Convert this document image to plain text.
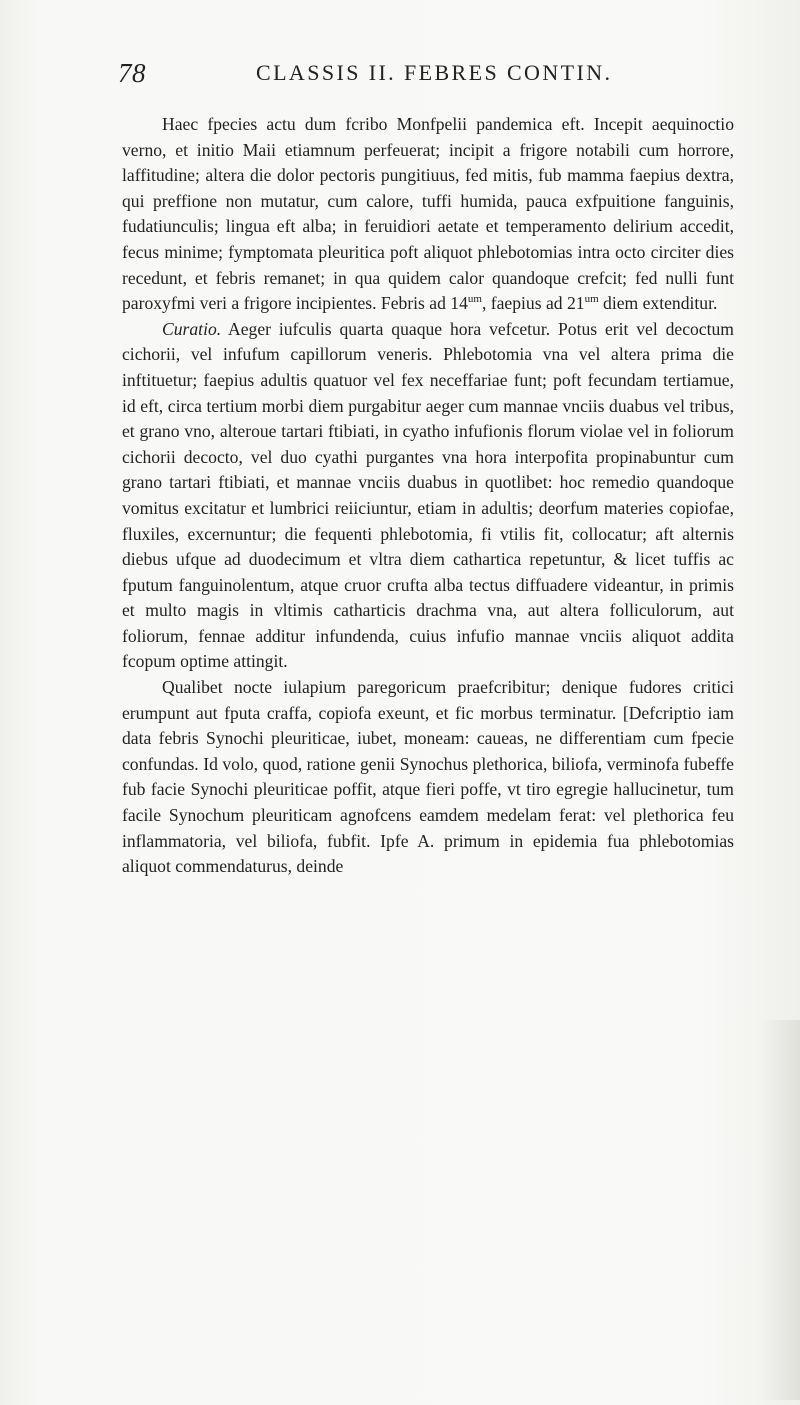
78	CLASSIS II. FEBRES CONTIN.

Haec fpecies actu dum fcribo Monfpelii pandemica eft. Incepit aequinoctio verno, et initio Maii etiamnum perfeuerat; incipit a frigore notabili cum horrore, laffitudine; altera die dolor pectoris pungitiuus, fed mitis, fub mamma faepius dextra, qui preffione non mutatur, cum calore, tuffi humida, pauca exfpuitione fanguinis, fudatiunculis; lingua eft alba; in feruidiori aetate et temperamento delirium accedit, fecus minime; fymptomata pleuritica poft aliquot phlebotomias intra octo circiter dies recedunt, et febris remanet; in qua quidem calor quandoque crefcit; fed nulli funt paroxyfmi veri a frigore incipientes. Febris ad $14^{um}$, faepius ad $21^{um}$ diem extenditur.

Curatio. Aeger iufculis quarta quaque hora vefcetur. Potus erit vel decoctum cichorii, vel infufum capillorum veneris. Phlebotomia vna vel altera prima die inftituetur; faepius adultis quatuor vel fex neceffariae funt; poft fecundam tertiamue, id eft, circa tertium morbi diem purgabitur aeger cum mannae vnciis duabus vel tribus, et grano vno, alteroue tartari ftibiati, in cyatho infufionis florum violae vel in foliorum cichorii decocto, vel duo cyathi purgantes vna hora interpofita propinabuntur cum grano tartari ftibiati, et mannae vnciis duabus in quotlibet: hoc remedio quandoque vomitus excitatur et lumbrici reiiciuntur, etiam in adultis; deorfum materies copiofae, fluxiles, excernuntur; die fequenti phlebotomia, fi vtilis fit, collocatur; aft alternis diebus ufque ad duodecimum et vltra diem cathartica repetuntur, & licet tuffis ac fputum fanguinolentum, atque cruor crufta alba tectus diffuadere videantur, in primis et multo magis in vltimis catharticis drachma vna, aut altera folliculorum, aut foliorum, fennae additur infundenda, cuius infufio mannae vnciis aliquot addita fcopum optime attingit.

Qualibet nocte iulapium paregoricum praefcribitur; denique fudores critici erumpunt aut fputa craffa, copiofa exeunt, et fic morbus terminatur. [Defcriptio iam data febris Synochi pleuriticae, iubet, moneam: caueas, ne differentiam cum fpecie confundas. Id volo, quod, ratione genii Synochus plethorica, biliofa, verminofa fubeffe fub facie Synochi pleuriticae poffit, atque fieri poffe, vt tiro egregie hallucinetur, tum facile Synochum pleuriticam agnofcens eamdem medelam ferat: vel plethorica feu inflammatoria, vel biliofa, fubfit. Ipfe A. primum in epidemia fua phlebotomias aliquot commendaturus, deinde
